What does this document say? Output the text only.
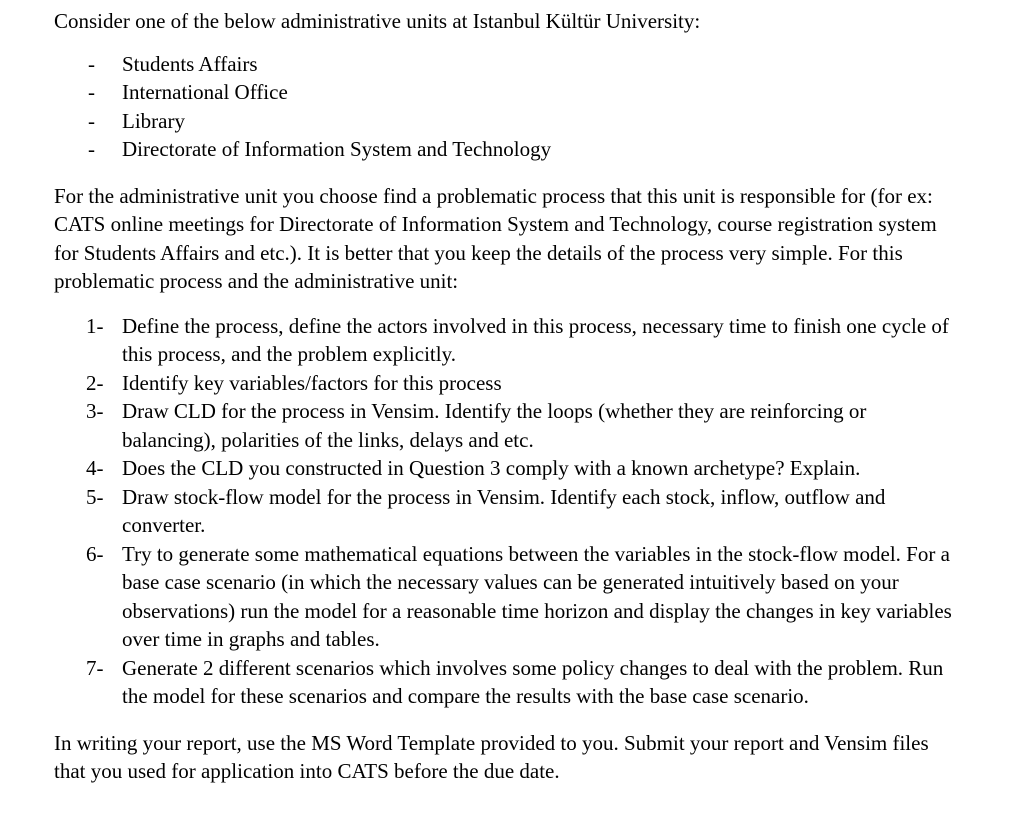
Consider one of the below administrative units at Istanbul Kültür University:

- Students Affairs
- International Office
- Library
- Directorate of Information System and Technology

For the administrative unit you choose find a problematic process that this unit is responsible for (for ex: CATS online meetings for Directorate of Information System and Technology, course registration system for Students Affairs and etc.). It is better that you keep the details of the process very simple. For this problematic process and the administrative unit:

1- Define the process, define the actors involved in this process, necessary time to finish one cycle of this process, and the problem explicitly.
2- Identify key variables/factors for this process
3- Draw CLD for the process in Vensim. Identify the loops (whether they are reinforcing or balancing), polarities of the links, delays and etc.
4- Does the CLD you constructed in Question 3 comply with a known archetype? Explain.
5- Draw stock-flow model for the process in Vensim. Identify each stock, inflow, outflow and converter.
6- Try to generate some mathematical equations between the variables in the stock-flow model. For a base case scenario (in which the necessary values can be generated intuitively based on your observations) run the model for a reasonable time horizon and display the changes in key variables over time in graphs and tables.
7- Generate 2 different scenarios which involves some policy changes to deal with the problem. Run the model for these scenarios and compare the results with the base case scenario.

In writing your report, use the MS Word Template provided to you. Submit your report and Vensim files that you used for application into CATS before the due date.
